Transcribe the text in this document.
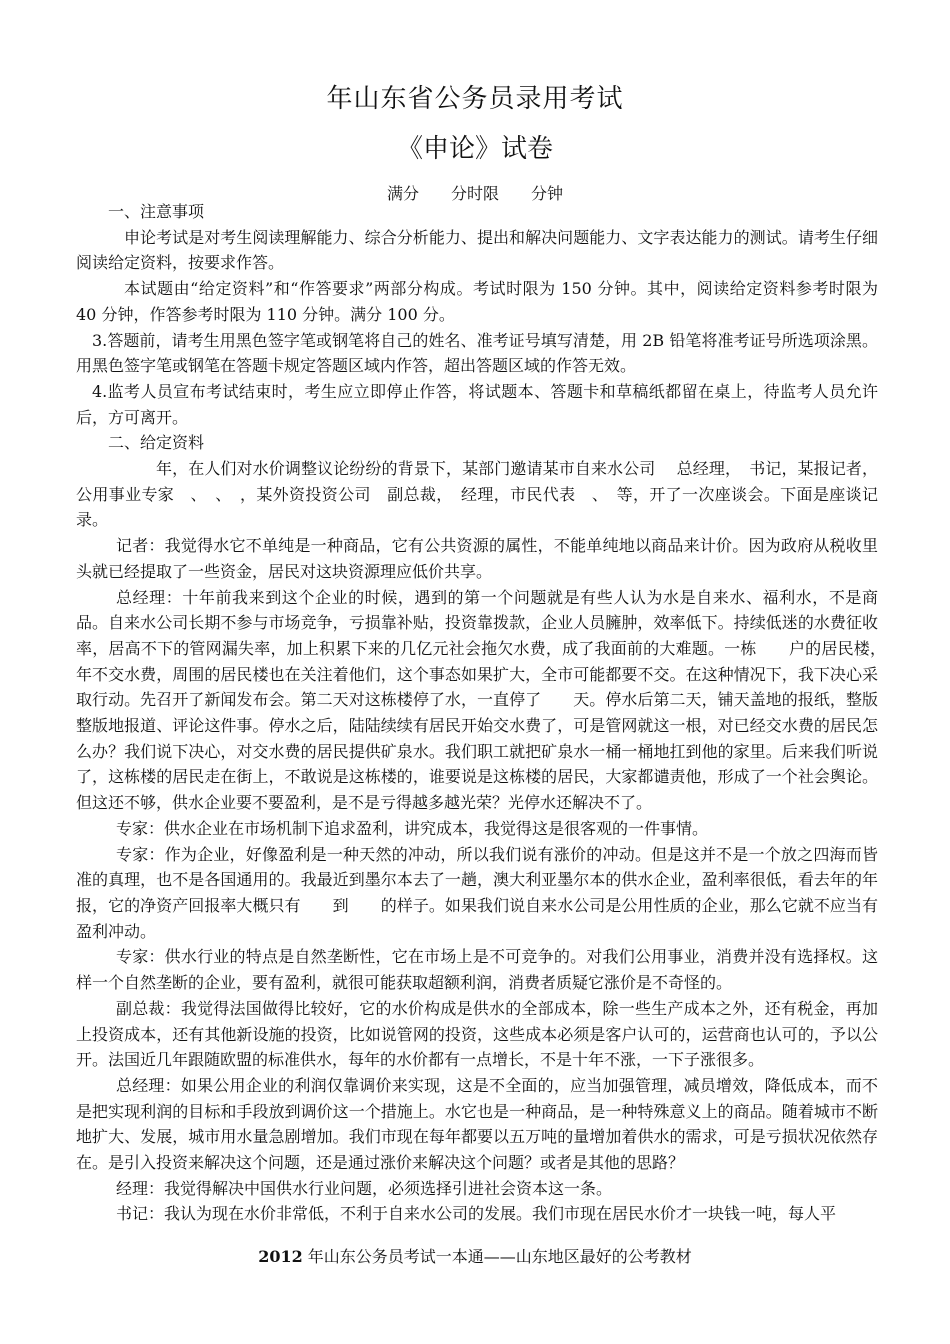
年山东省公务员录用考试
《申论》试卷
满分　　分时限　　分钟

一、注意事项

申论考试是对考生阅读理解能力、综合分析能力、提出和解决问题能力、文字表达能力的测试。请考生仔细阅读给定资料，按要求作答。

本试题由“给定资料”和“作答要求”两部分构成。考试时限为 150 分钟。其中，阅读给定资料参考时限为 40 分钟，作答参考时限为 110 分钟。满分 100 分。

3.答题前，请考生用黑色签字笔或钢笔将自己的姓名、准考证号填写清楚，用 2B 铅笔将准考证号所选项涂黑。用黑色签字笔或钢笔在答题卡规定答题区域内作答，超出答题区域的作答无效。

4.监考人员宣布考试结束时，考生应立即停止作答，将试题本、答题卡和草稿纸都留在桌上，待监考人员允许后，方可离开。

二、给定资料

年，在人们对水价调整议论纷纷的背景下，某部门邀请某市自来水公司　 总经理，　书记，某报记者，公用事业专家　、　、　，某外资投资公司　副总裁，　经理，市民代表　、　等，开了一次座谈会。下面是座谈记录。

记者：我觉得水它不单纯是一种商品，它有公共资源的属性，不能单纯地以商品来计价。因为政府从税收里头就已经提取了一些资金，居民对这块资源理应低价共享。

总经理：十年前我来到这个企业的时候，遇到的第一个问题就是有些人认为水是自来水、福利水，不是商品。自来水公司长期不参与市场竞争，亏损靠补贴，投资靠拨款，企业人员臃肿，效率低下。持续低迷的水费征收率，居高不下的管网漏失率，加上积累下来的几亿元社会拖欠水费，成了我面前的大难题。一栋　　户的居民楼，　　年不交水费，周围的居民楼也在关注着他们，这个事态如果扩大，全市可能都要不交。在这种情况下，我下决心采取行动。先召开了新闻发布会。第二天对这栋楼停了水，一直停了　　天。停水后第二天，铺天盖地的报纸，整版整版地报道、评论这件事。停水之后，陆陆续续有居民开始交水费了，可是管网就这一根，对已经交水费的居民怎么办？我们说下决心，对交水费的居民提供矿泉水。我们职工就把矿泉水一桶一桶地扛到他的家里。后来我们听说了，这栋楼的居民走在街上，不敢说是这栋楼的，谁要说是这栋楼的居民，大家都谴责他，形成了一个社会舆论。但这还不够，供水企业要不要盈利，是不是亏得越多越光荣？光停水还解决不了。

专家：供水企业在市场机制下追求盈利，讲究成本，我觉得这是很客观的一件事情。

专家：作为企业，好像盈利是一种天然的冲动，所以我们说有涨价的冲动。但是这并不是一个放之四海而皆准的真理，也不是各国通用的。我最近到墨尔本去了一趟，澳大利亚墨尔本的供水企业，盈利率很低，看去年的年报，它的净资产回报率大概只有　　到　　的样子。如果我们说自来水公司是公用性质的企业，那么它就不应当有盈利冲动。

专家：供水行业的特点是自然垄断性，它在市场上是不可竞争的。对我们公用事业，消费并没有选择权。这样一个自然垄断的企业，要有盈利，就很可能获取超额利润，消费者质疑它涨价是不奇怪的。

副总裁：我觉得法国做得比较好，它的水价构成是供水的全部成本，除一些生产成本之外，还有税金，再加上投资成本，还有其他新设施的投资，比如说管网的投资，这些成本必须是客户认可的，运营商也认可的，予以公开。法国近几年跟随欧盟的标准供水，每年的水价都有一点增长，不是十年不涨，一下子涨很多。

总经理：如果公用企业的利润仅靠调价来实现，这是不全面的，应当加强管理，减员增效，降低成本，而不是把实现利润的目标和手段放到调价这一个措施上。水它也是一种商品，是一种特殊意义上的商品。随着城市不断地扩大、发展，城市用水量急剧增加。我们市现在每年都要以五万吨的量增加着供水的需求，可是亏损状况依然存在。是引入投资来解决这个问题，还是通过涨价来解决这个问题？或者是其他的思路？

经理：我觉得解决中国供水行业问题，必须选择引进社会资本这一条。

书记：我认为现在水价非常低，不利于自来水公司的发展。我们市现在居民水价才一块钱一吨，每人平

2012 年山东公务员考试一本通——山东地区最好的公考教材
